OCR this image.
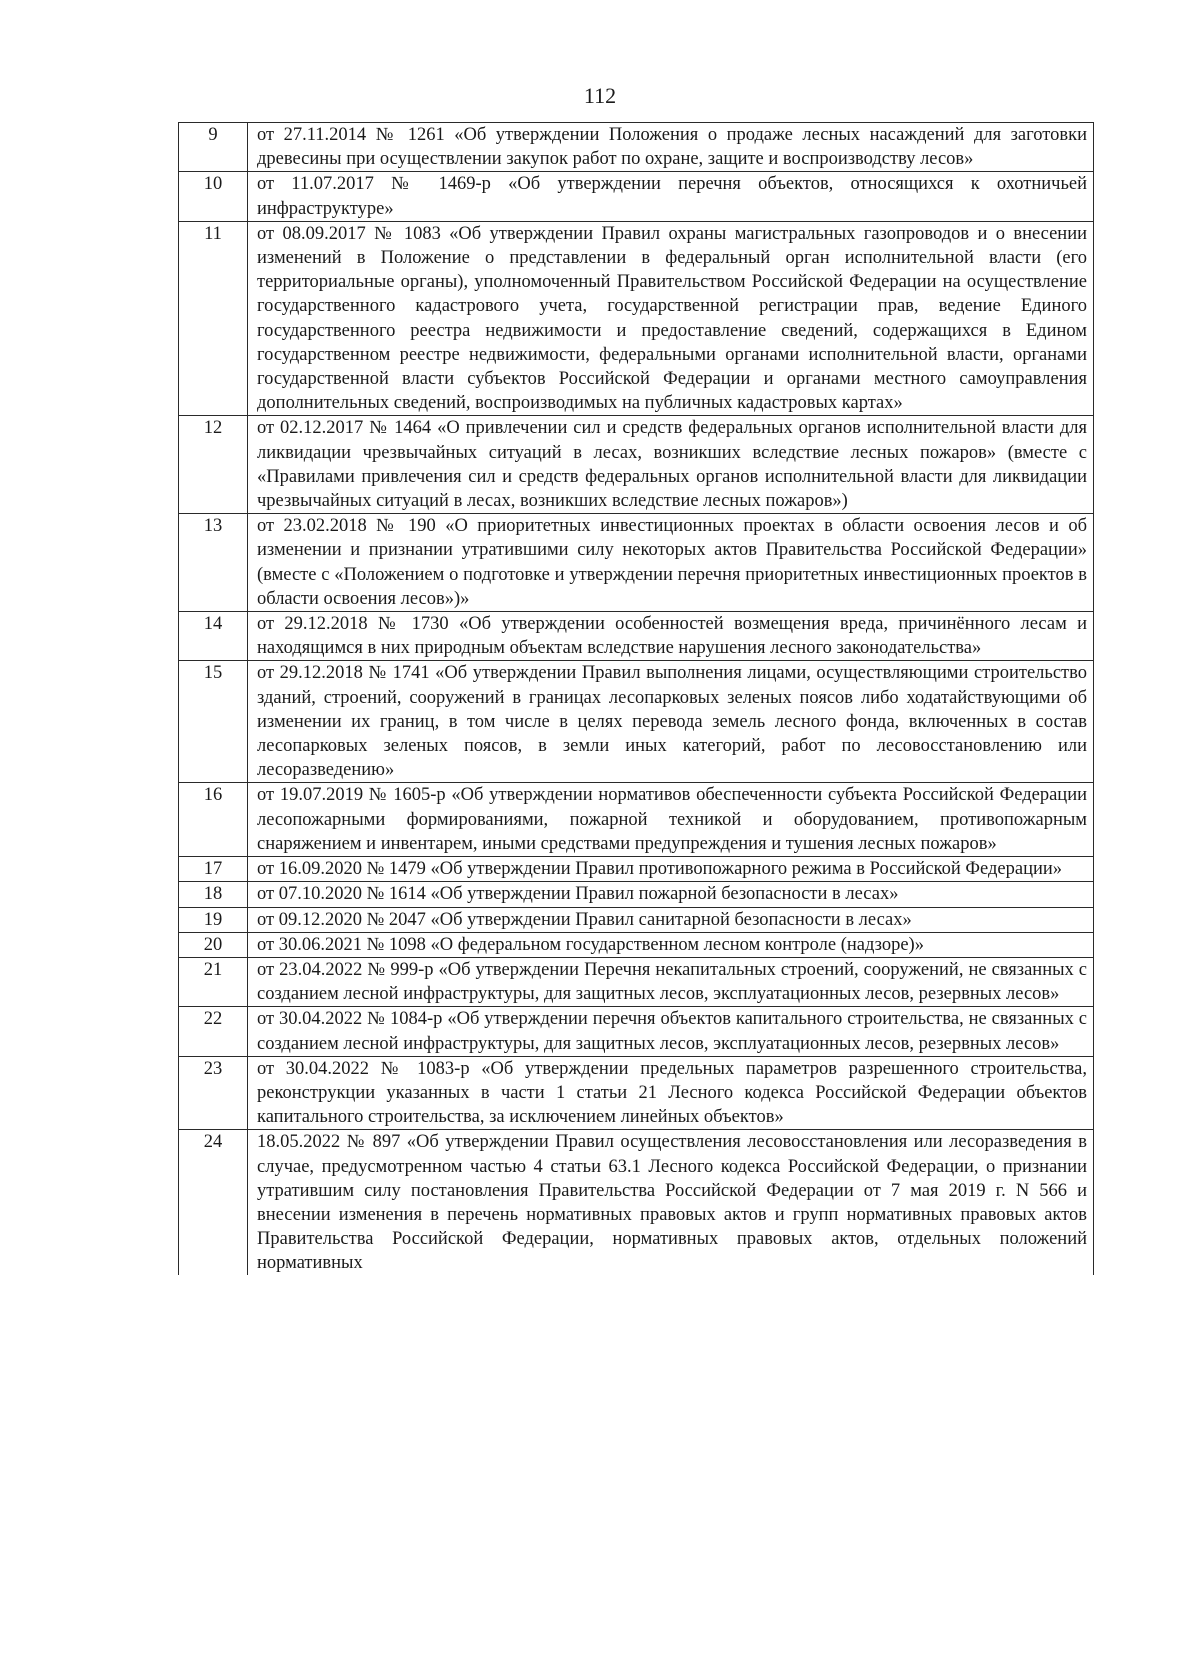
112
9	от 27.11.2014 № 1261 «Об утверждении Положения о продаже лесных насаждений для заготовки древесины при осуществлении закупок работ по охране, защите и воспроизводству лесов»
10	от 11.07.2017 № 1469-р «Об утверждении перечня объектов, относящихся к охотничьей инфраструктуре»
11	от 08.09.2017 № 1083 «Об утверждении Правил охраны магистральных газопроводов и о внесении изменений в Положение о представлении в федеральный орган исполнительной власти (его территориальные органы), уполномоченный Правительством Российской Федерации на осуществление государственного кадастрового учета, государственной регистрации прав, ведение Единого государственного реестра недвижимости и предоставление сведений, содержащихся в Едином государственном реестре недвижимости, федеральными органами исполнительной власти, органами государственной власти субъектов Российской Федерации и органами местного самоуправления дополнительных сведений, воспроизводимых на публичных кадастровых картах»
12	от 02.12.2017 № 1464 «О привлечении сил и средств федеральных органов исполнительной власти для ликвидации чрезвычайных ситуаций в лесах, возникших вследствие лесных пожаров» (вместе с «Правилами привлечения сил и средств федеральных органов исполнительной власти для ликвидации чрезвычайных ситуаций в лесах, возникших вследствие лесных пожаров»)
13	от 23.02.2018 № 190 «О приоритетных инвестиционных проектах в области освоения лесов и об изменении и признании утратившими силу некоторых актов Правительства Российской Федерации» (вместе с «Положением о подготовке и утверждении перечня приоритетных инвестиционных проектов в области освоения лесов»)»
14	от 29.12.2018 № 1730 «Об утверждении особенностей возмещения вреда, причинённого лесам и находящимся в них природным объектам вследствие нарушения лесного законодательства»
15	от 29.12.2018 № 1741 «Об утверждении Правил выполнения лицами, осуществляющими строительство зданий, строений, сооружений в границах лесопарковых зеленых поясов либо ходатайствующими об изменении их границ, в том числе в целях перевода земель лесного фонда, включенных в состав лесопарковых зеленых поясов, в земли иных категорий, работ по лесовосстановлению или лесоразведению»
16	от 19.07.2019 № 1605-р «Об утверждении нормативов обеспеченности субъекта Российской Федерации лесопожарными формированиями, пожарной техникой и оборудованием, противопожарным снаряжением и инвентарем, иными средствами предупреждения и тушения лесных пожаров»
17	от 16.09.2020 № 1479 «Об утверждении Правил противопожарного режима в Российской Федерации»
18	от 07.10.2020 № 1614 «Об утверждении Правил пожарной безопасности в лесах»
19	от 09.12.2020 № 2047 «Об утверждении Правил санитарной безопасности в лесах»
20	от 30.06.2021 № 1098 «О федеральном государственном лесном контроле (надзоре)»
21	от 23.04.2022 № 999-р «Об утверждении Перечня некапитальных строений, сооружений, не связанных с созданием лесной инфраструктуры, для защитных лесов, эксплуатационных лесов, резервных лесов»
22	от 30.04.2022 № 1084-р «Об утверждении перечня объектов капитального строительства, не связанных с созданием лесной инфраструктуры, для защитных лесов, эксплуатационных лесов, резервных лесов»
23	от 30.04.2022 № 1083-р «Об утверждении предельных параметров разрешенного строительства, реконструкции указанных в части 1 статьи 21 Лесного кодекса Российской Федерации объектов капитального строительства, за исключением линейных объектов»
24	18.05.2022 № 897 «Об утверждении Правил осуществления лесовосстановления или лесоразведения в случае, предусмотренном частью 4 статьи 63.1 Лесного кодекса Российской Федерации, о признании утратившим силу постановления Правительства Российской Федерации от 7 мая 2019 г. N 566 и внесении изменения в перечень нормативных правовых актов и групп нормативных правовых актов Правительства Российской Федерации, нормативных правовых актов, отдельных положений нормативных
